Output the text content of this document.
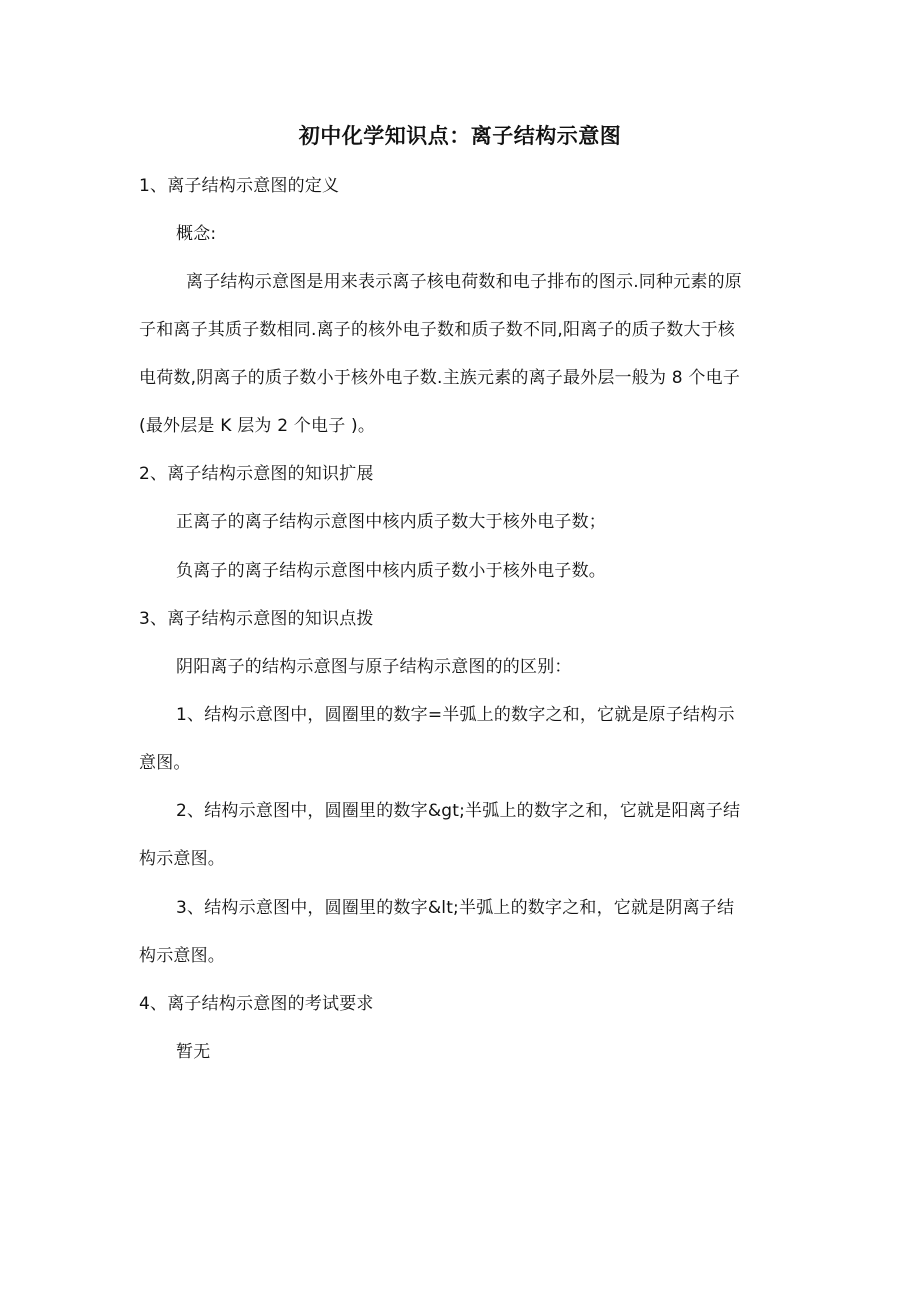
初中化学知识点：离子结构示意图
1、离子结构示意图的定义
概念:
离子结构示意图是用来表示离子核电荷数和电子排布的图示.同种元素的原
子和离子其质子数相同.离子的核外电子数和质子数不同,阳离子的质子数大于核
电荷数,阴离子的质子数小于核外电子数.主族元素的离子最外层一般为 8 个电子
(最外层是 K 层为 2 个电子 )。
2、离子结构示意图的知识扩展
正离子的离子结构示意图中核内质子数大于核外电子数；
负离子的离子结构示意图中核内质子数小于核外电子数。
3、离子结构示意图的知识点拨
阴阳离子的结构示意图与原子结构示意图的的区别：
1、结构示意图中，圆圈里的数字=半弧上的数字之和，它就是原子结构示
意图。
2、结构示意图中，圆圈里的数字&gt;半弧上的数字之和，它就是阳离子结
构示意图。
3、结构示意图中，圆圈里的数字&lt;半弧上的数字之和，它就是阴离子结
构示意图。
4、离子结构示意图的考试要求
暂无
